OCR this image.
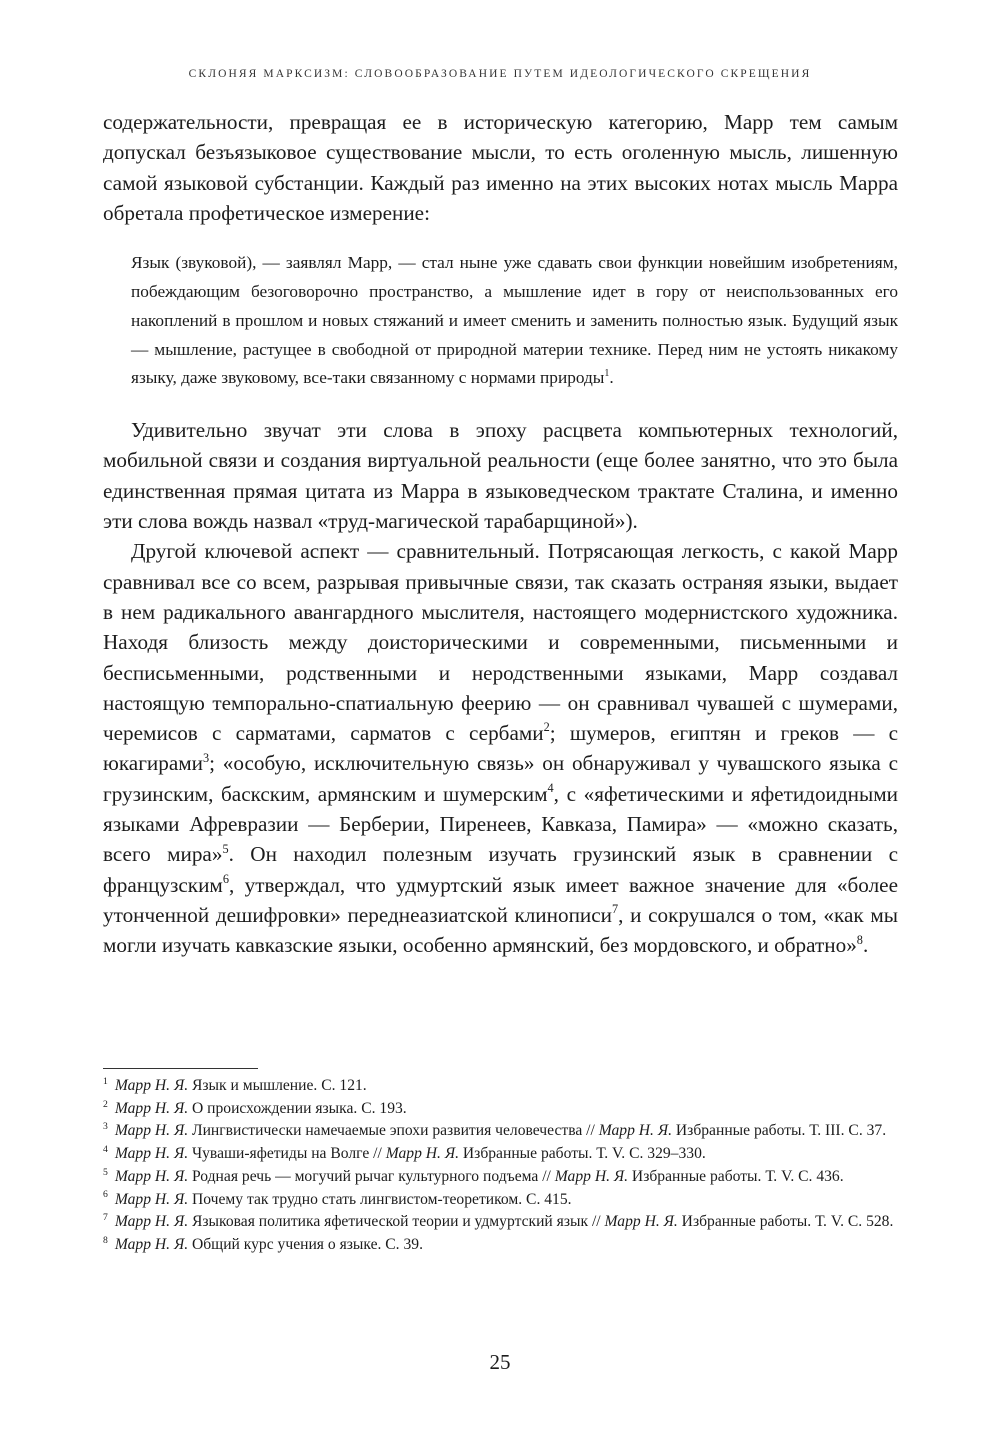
СКЛОНЯЯ МАРКСИЗМ: СЛОВООБРАЗОВАНИЕ ПУТЕМ ИДЕОЛОГИЧЕСКОГО СКРЕЩЕНИЯ

содержательности, превращая ее в историческую категорию, Марр тем самым допускал безъязыковое существование мысли, то есть оголенную мысль, лишенную самой языковой субстанции. Каждый раз именно на этих высоких нотах мысль Марра обретала профетическое измерение:

Язык (звуковой), — заявлял Марр, — стал ныне уже сдавать свои функции новейшим изобретениям, побеждающим безоговорочно пространство, а мышление идет в гору от неиспользованных его накоплений в прошлом и новых стяжаний и имеет сменить и заменить полностью язык. Будущий язык — мышление, растущее в свободной от природной материи технике. Перед ним не устоять никакому языку, даже звуковому, все-таки связанному с нормами природы$^1$.

Удивительно звучат эти слова в эпоху расцвета компьютерных технологий, мобильной связи и создания виртуальной реальности (еще более занятно, что это была единственная прямая цитата из Марра в языковедческом трактате Сталина, и именно эти слова вождь назвал «труд-магической тарабарщиной»).

Другой ключевой аспект — сравнительный. Потрясающая легкость, с какой Марр сравнивал все со всем, разрывая привычные связи, так сказать остраняя языки, выдает в нем радикального авангардного мыслителя, настоящего модернистского художника. Находя близость между доисторическими и современными, письменными и бесписьменными, родственными и неродственными языками, Марр создавал настоящую темпорально-спатиальную феерию — он сравнивал чувашей с шумерами, черемисов с сарматами, сарматов с сербами$^2$; шумеров, египтян и греков — с юкагирами$^3$; «особую, исключительную связь» он обнаруживал у чувашского языка с грузинским, баскским, армянским и шумерским$^4$, с «яфетическими и яфетидоидными языками Афревразии — Берберии, Пиренеев, Кавказа, Памира» — «можно сказать, всего мира»$^5$. Он находил полезным изучать грузинский язык в сравнении с французским$^6$, утверждал, что удмуртский язык имеет важное значение для «более утонченной дешифровки» переднеазиатской клинописи$^7$, и сокрушался о том, «как мы могли изучать кавказские языки, особенно армянский, без мордовского, и обратно»$^8$.

$^1$ Марр Н. Я. Язык и мышление. С. 121.

$^2$ Марр Н. Я. О происхождении языка. С. 193.

$^3$ Марр Н. Я. Лингвистически намечаемые эпохи развития человечества // Марр Н. Я. Избранные работы. Т. III. С. 37.

$^4$ Марр Н. Я. Чуваши-яфетиды на Волге // Марр Н. Я. Избранные работы. Т. V. С. 329–330.

$^5$ Марр Н. Я. Родная речь — могучий рычаг культурного подъема // Марр Н. Я. Избранные работы. Т. V. С. 436.

$^6$ Марр Н. Я. Почему так трудно стать лингвистом-теоретиком. С. 415.

$^7$ Марр Н. Я. Языковая политика яфетической теории и удмуртский язык // Марр Н. Я. Избранные работы. Т. V. С. 528.

$^8$ Марр Н. Я. Общий курс учения о языке. С. 39.

25
